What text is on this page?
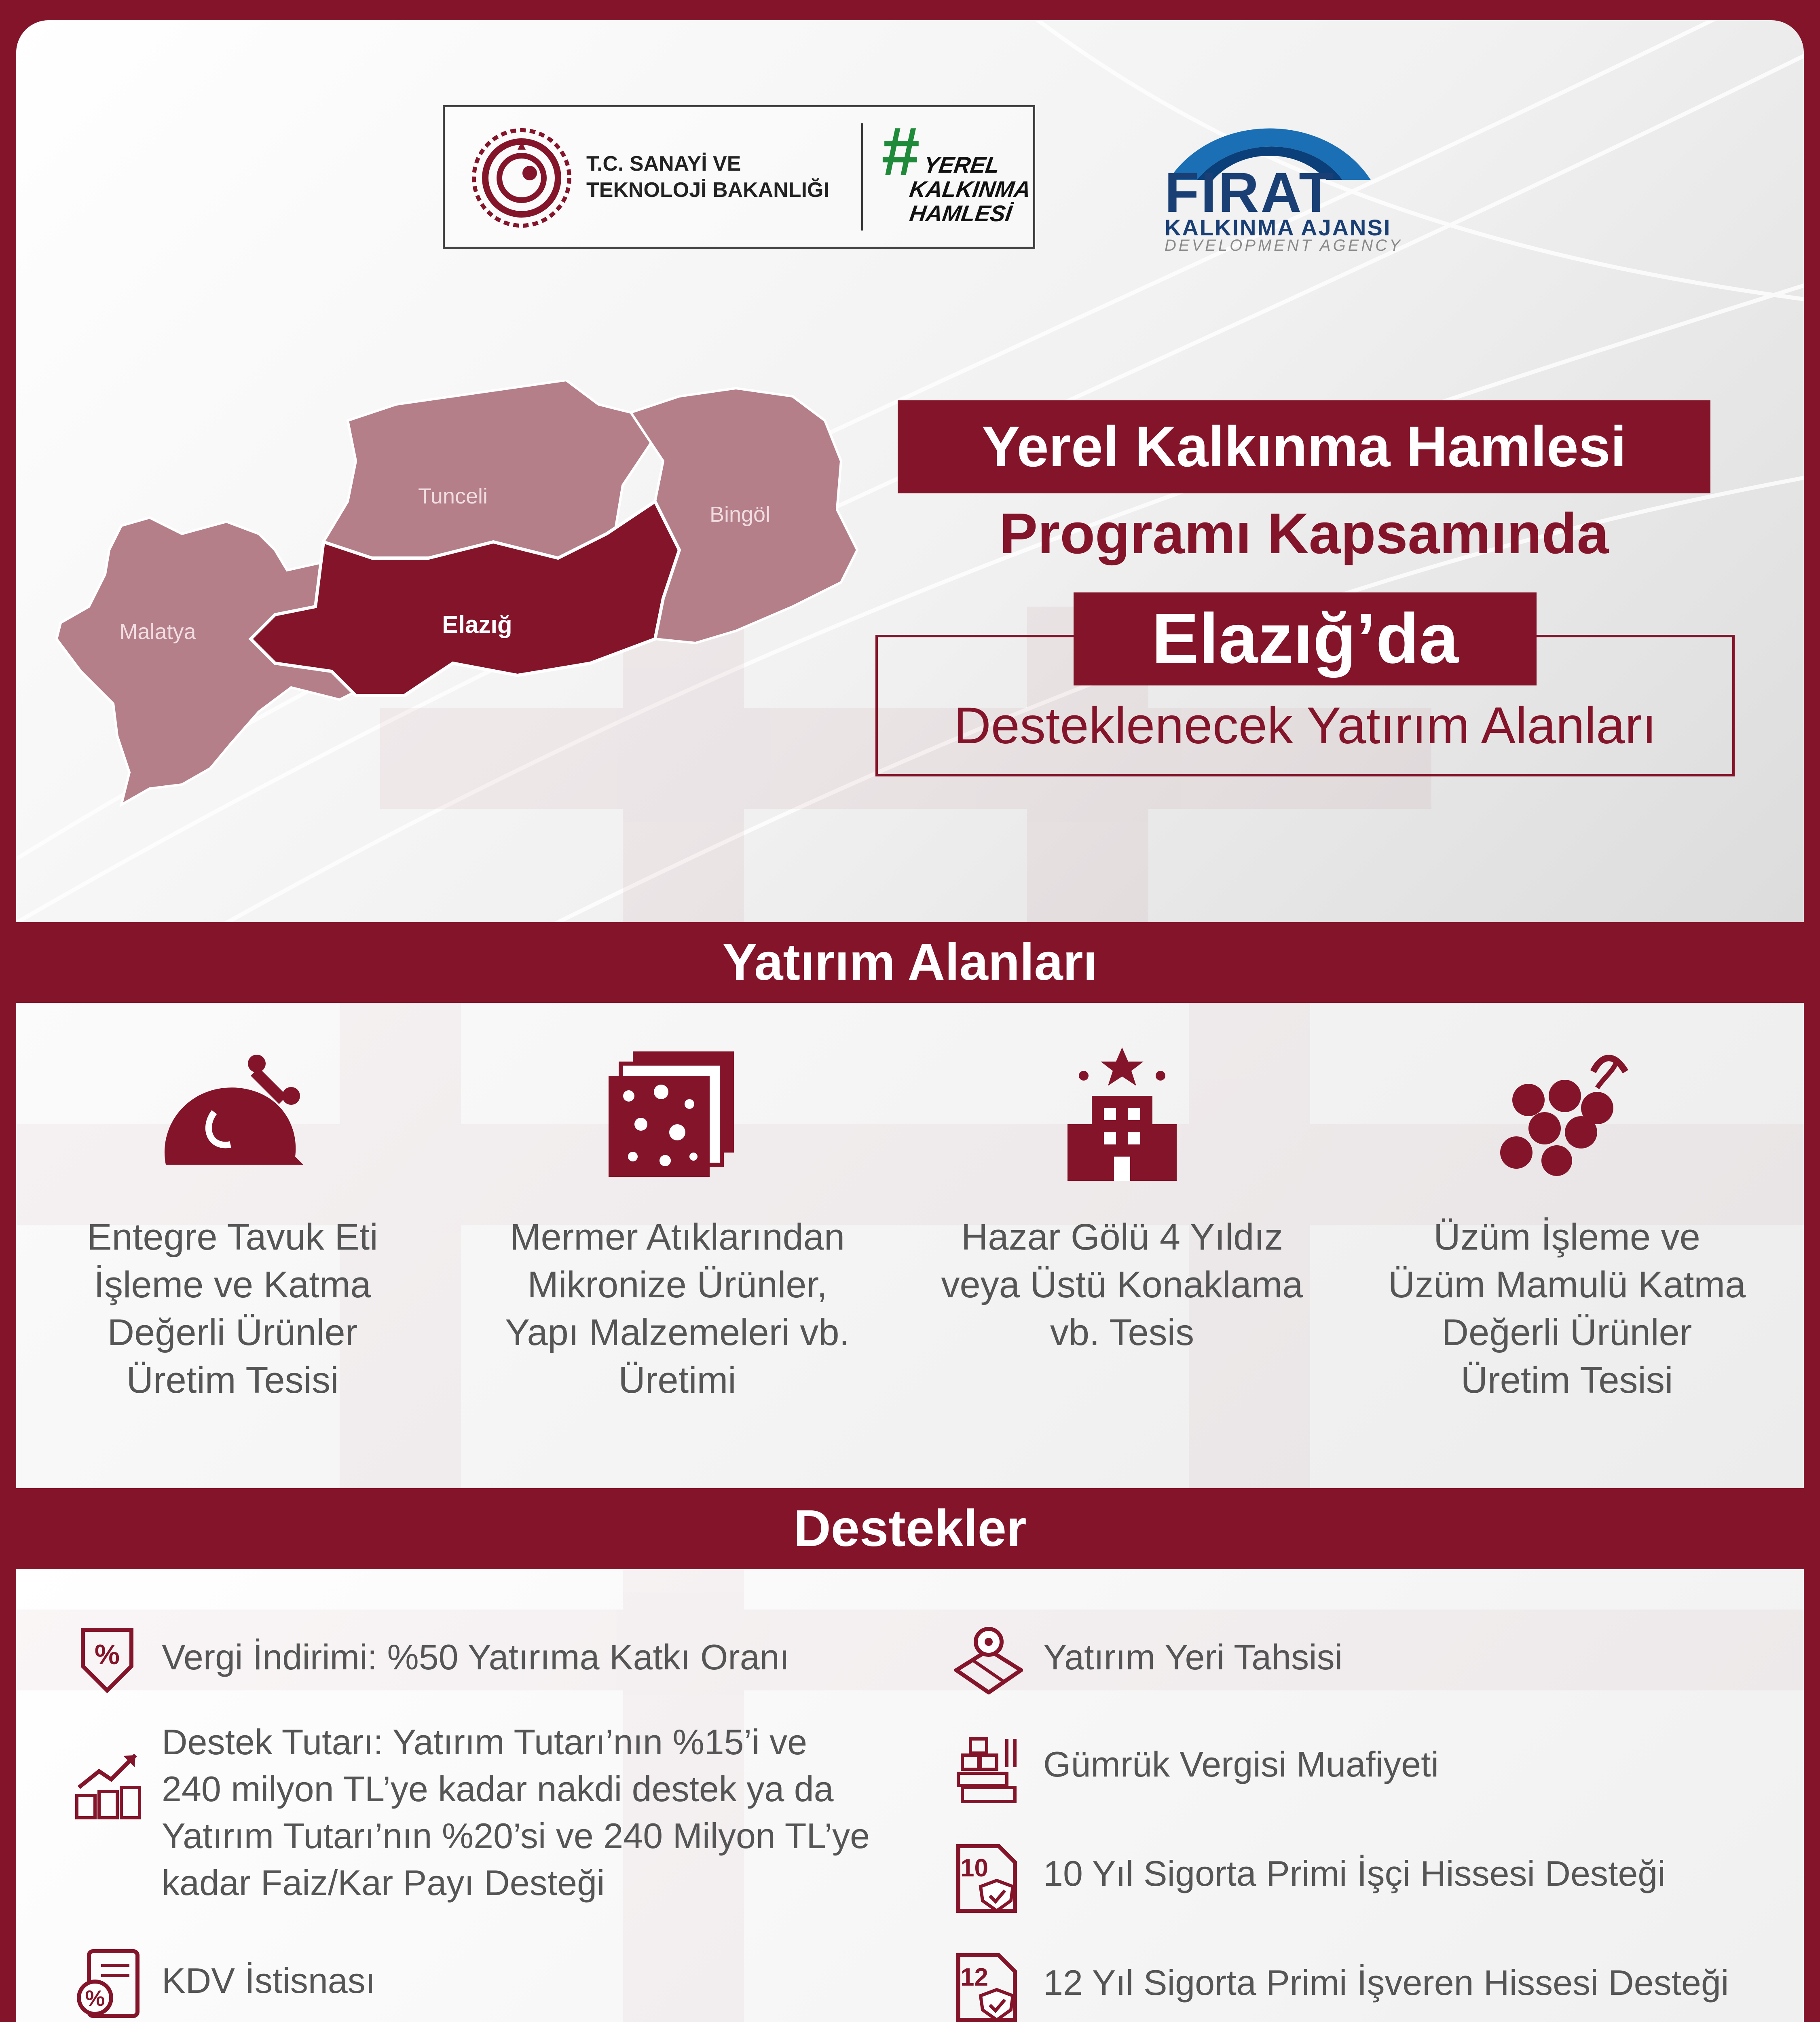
T.C. SANAYİ VE
TEKNOLOJİ BAKANLIĞI # YEREL
KALKINMA
HAMLESİ	FIRAT
KALKINMA AJANSI
DEVELOPMENT AGENCY
Tunceli
Bingöl
Malatya	Elazığ
Yerel Kalkınma Hamlesi
Programı Kapsamında
Elazığ’da
Desteklenecek Yatırım Alanları
Yatırım Alanları
Entegre Tavuk Eti
İşleme ve Katma
Değerli Ürünler
Üretim Tesisi
Mermer Atıklarından
Mikronize Ürünler,
Yapı Malzemeleri vb.
Üretimi
Hazar Gölü 4 Yıldız
veya Üstü Konaklama
vb. Tesis
Üzüm İşleme ve
Üzüm Mamulü Katma
Değerli Ürünler
Üretim Tesisi
Destekler
%
%
Vergi İndirimi: %50 Yatırıma Katkı Oranı
Destek Tutarı: Yatırım Tutarı’nın %15’i ve
240 milyon TL’ye kadar nakdi destek ya da
Yatırım Tutarı’nın %20’si ve 240 Milyon TL’ye
kadar Faiz/Kar Payı Desteği
KDV İstisnası
10
12
Yatırım Yeri Tahsisi
Gümrük Vergisi Muafiyeti
10 Yıl Sigorta Primi İşçi Hissesi Desteği
12 Yıl Sigorta Primi İşveren Hissesi Desteği
